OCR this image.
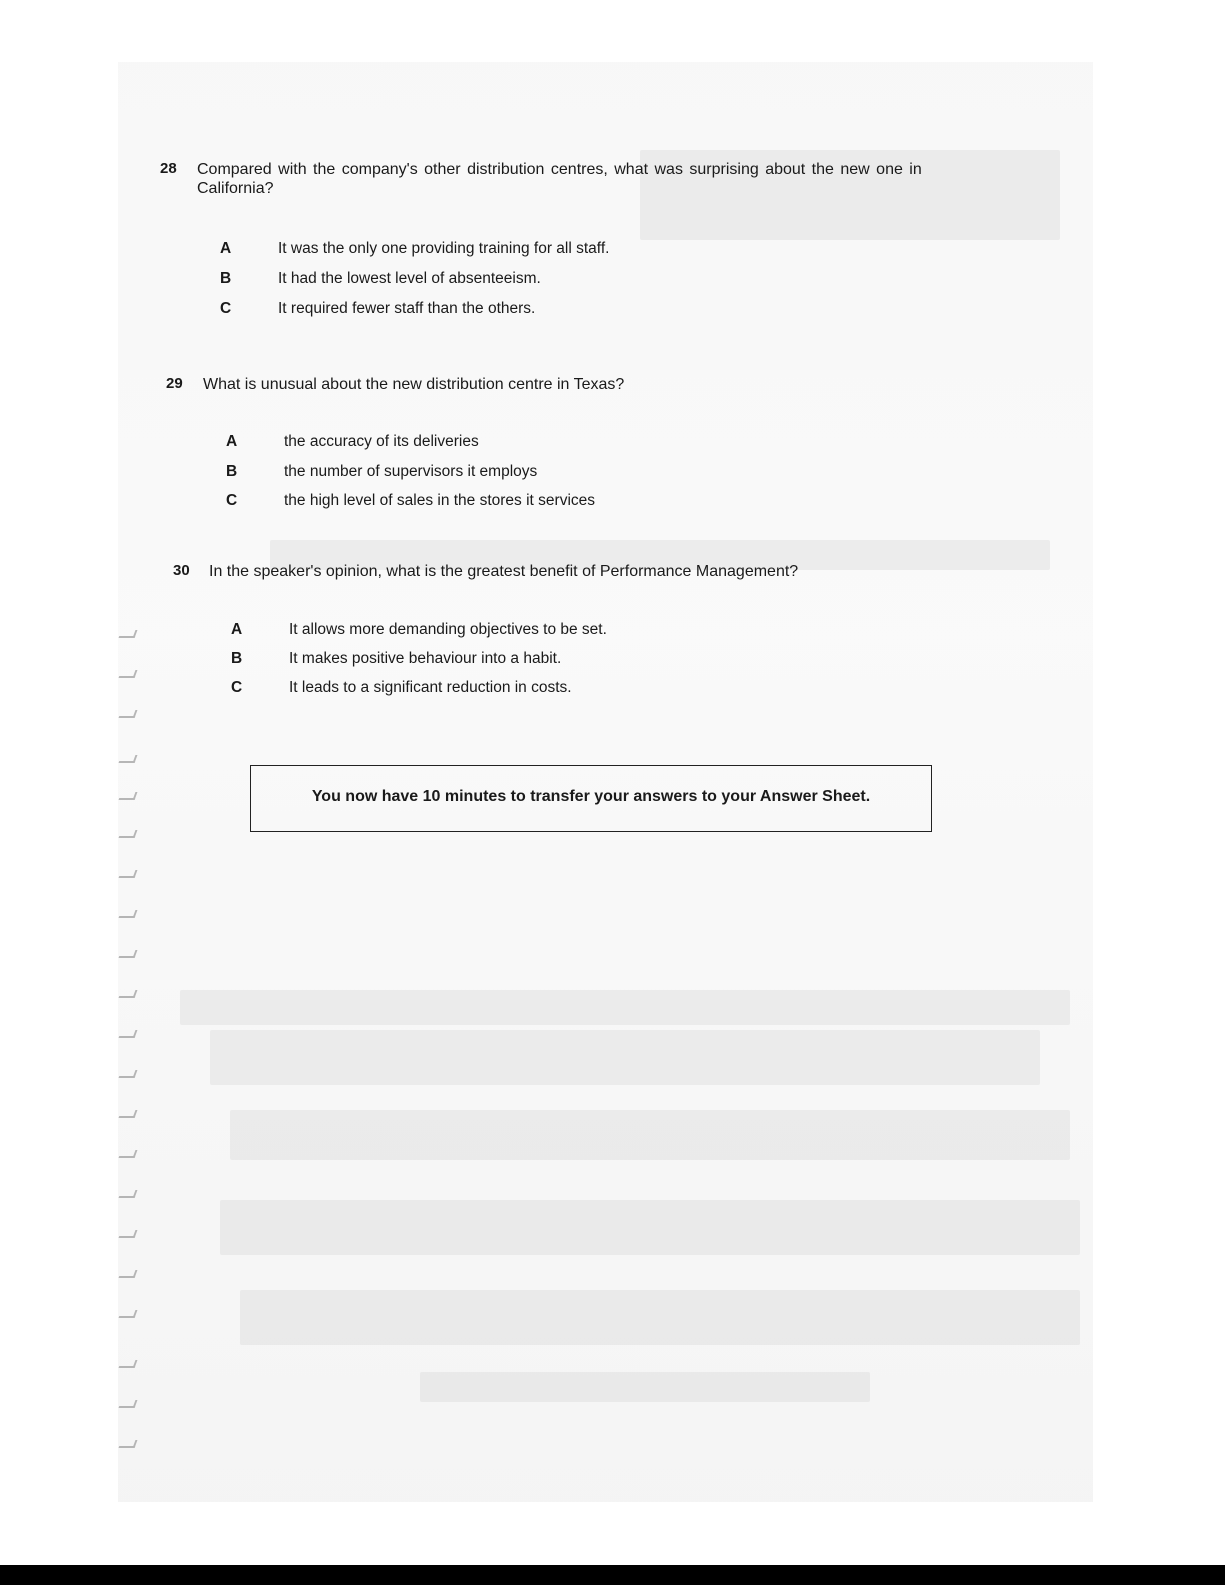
28 Compared with the company's other distribution centres, what was surprising about the new one in
California?
A	It was the only one providing training for all staff.
B	It had the lowest level of absenteeism.
C	It required fewer staff than the others.
29 What is unusual about the new distribution centre in Texas?
A	the accuracy of its deliveries
B	the number of supervisors it employs
C	the high level of sales in the stores it services
30 In the speaker's opinion, what is the greatest benefit of Performance Management?
A	It allows more demanding objectives to be set.
B	It makes positive behaviour into a habit.
C	It leads to a significant reduction in costs.
You now have 10 minutes to transfer your answers to your Answer Sheet.
